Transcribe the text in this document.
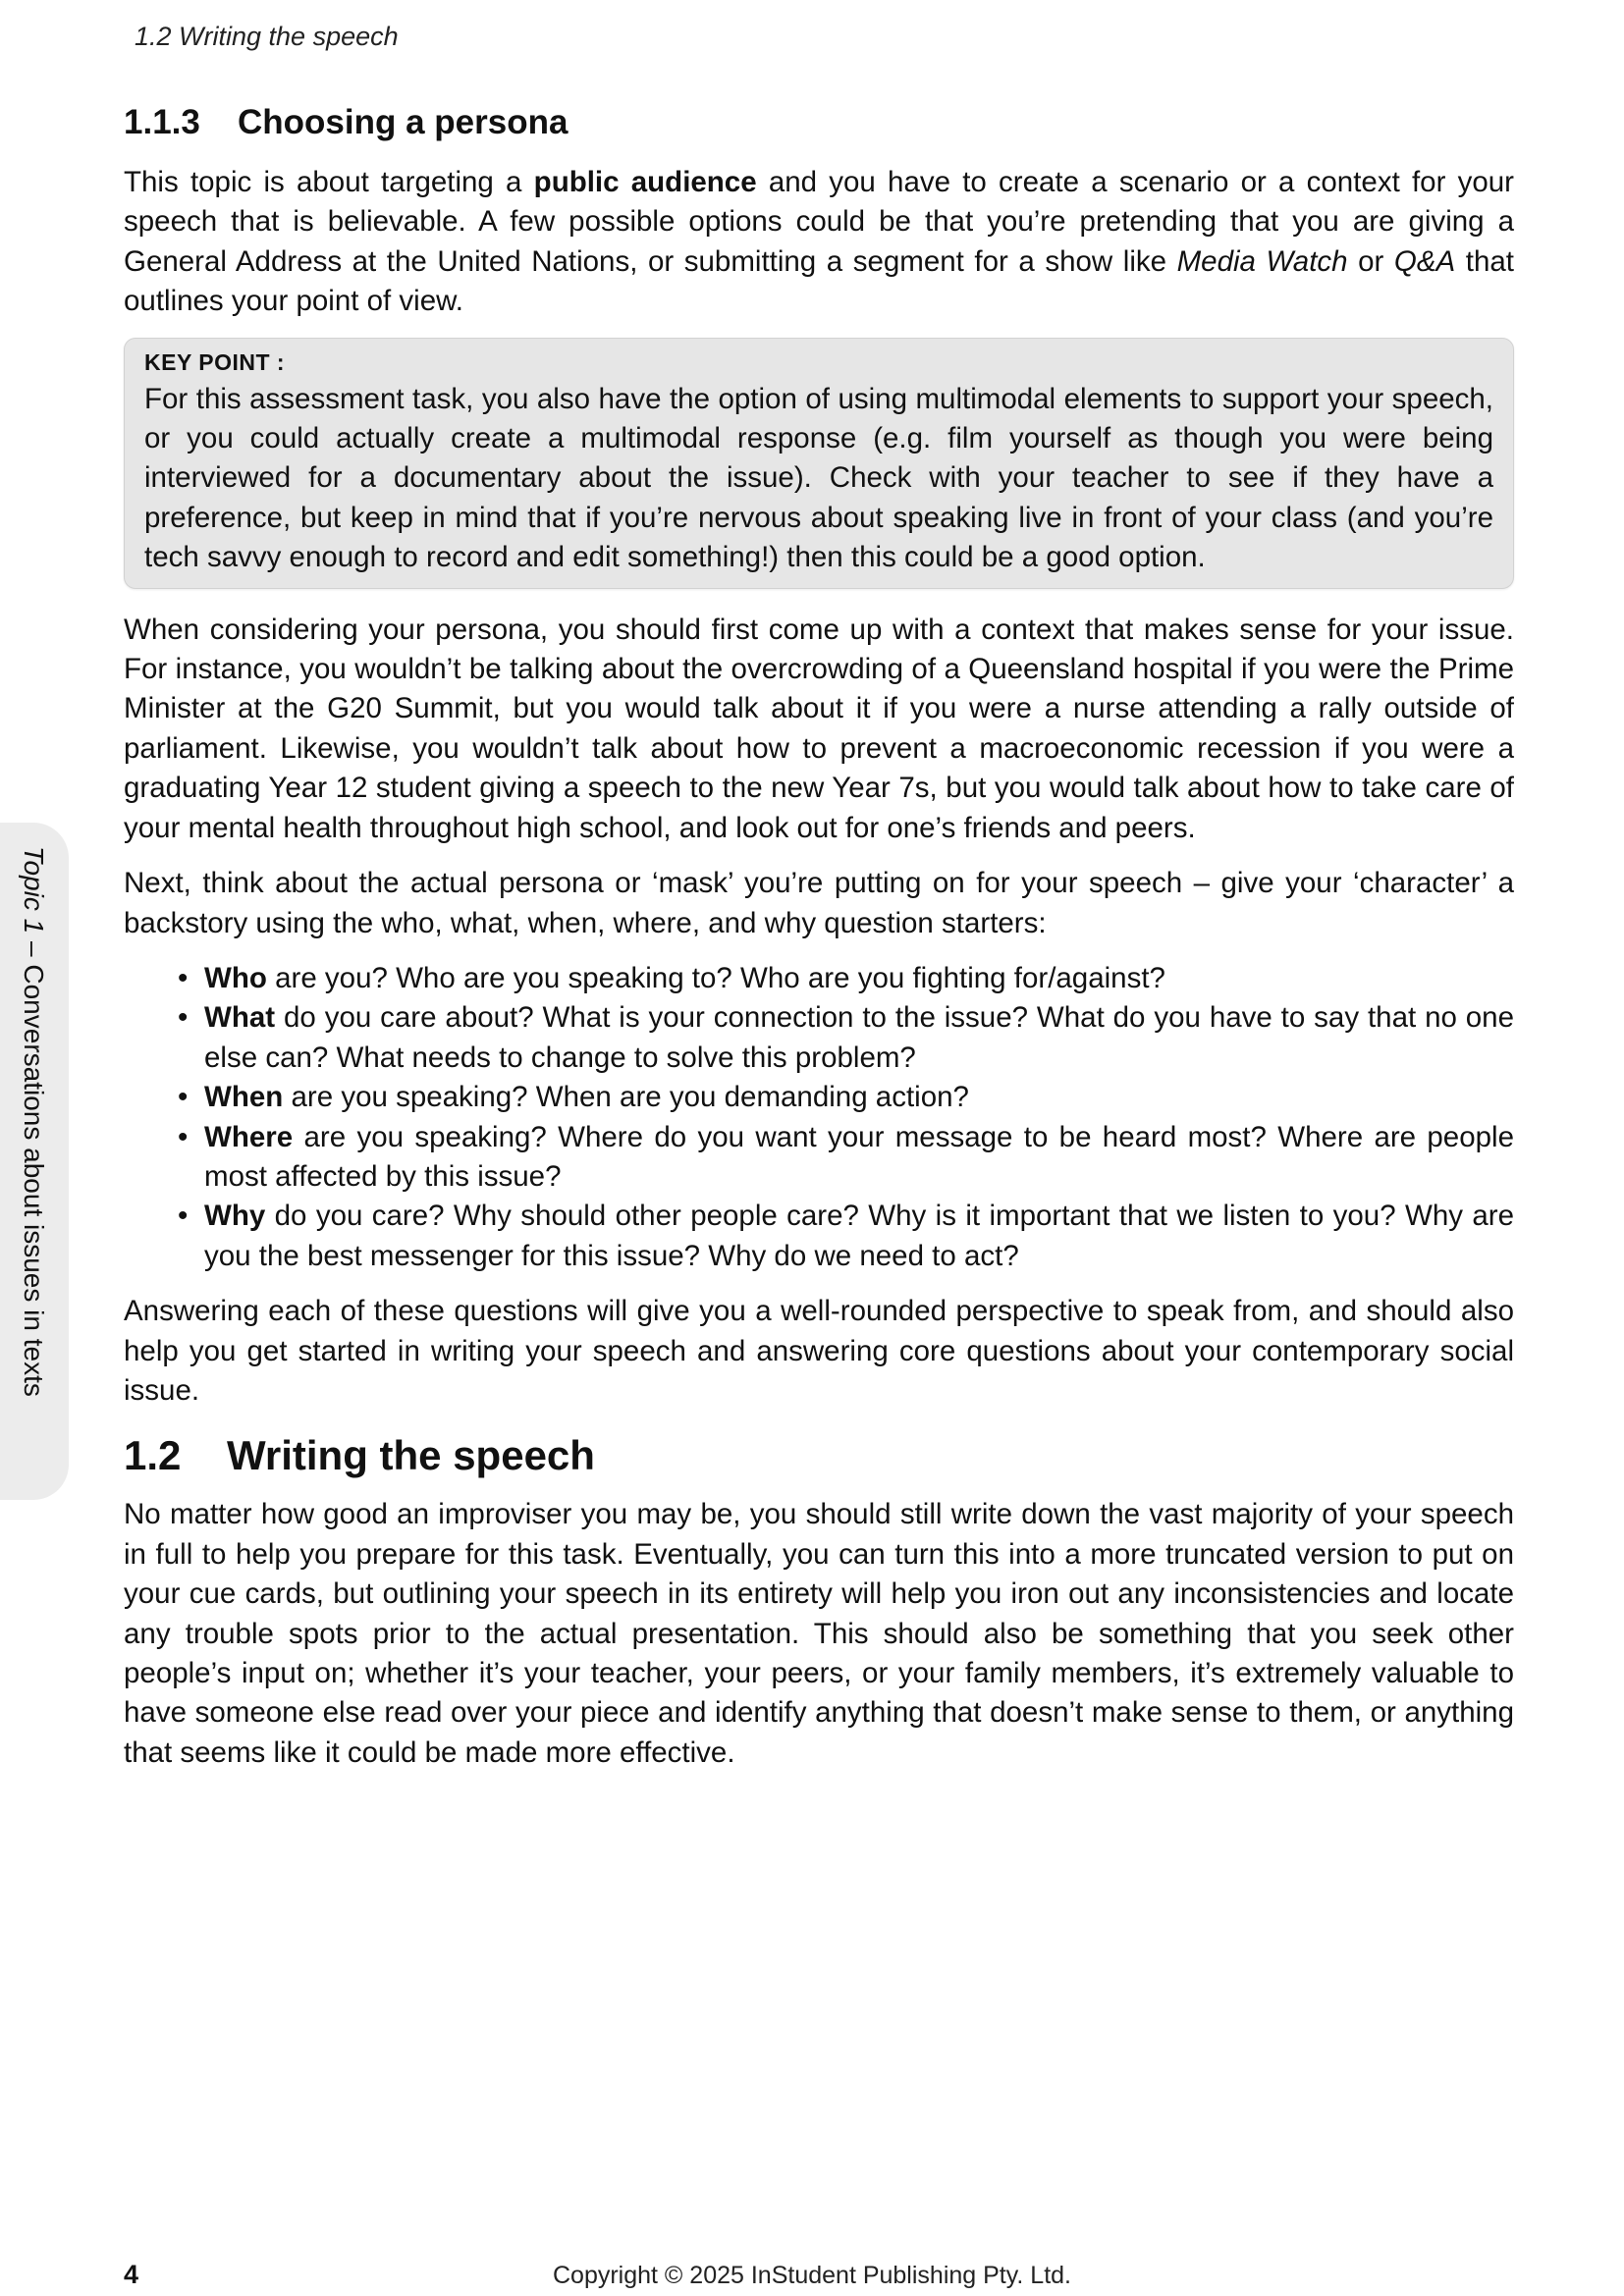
1.2 Writing the speech
Topic 1 – Conversations about issues in texts
1.1.3 Choosing a persona

This topic is about targeting a public audience and you have to create a scenario or a context for your speech that is believable. A few possible options could be that you’re pretending that you are giving a General Address at the United Nations, or submitting a segment for a show like Media Watch or Q&A that outlines your point of view.

KEY POINT :

For this assessment task, you also have the option of using multimodal elements to support your speech, or you could actually create a multimodal response (e.g. film yourself as though you were being interviewed for a documentary about the issue). Check with your teacher to see if they have a preference, but keep in mind that if you’re nervous about speaking live in front of your class (and you’re tech savvy enough to record and edit something!) then this could be a good option.

When considering your persona, you should first come up with a context that makes sense for your issue. For instance, you wouldn’t be talking about the overcrowding of a Queensland hospital if you were the Prime Minister at the G20 Summit, but you would talk about it if you were a nurse attending a rally outside of parliament. Likewise, you wouldn’t talk about how to prevent a macroeconomic recession if you were a graduating Year 12 student giving a speech to the new Year 7s, but you would talk about how to take care of your mental health throughout high school, and look out for one’s friends and peers.

Next, think about the actual persona or ‘mask’ you’re putting on for your speech – give your ‘character’ a backstory using the who, what, when, where, and why question starters:

• Who are you? Who are you speaking to? Who are you fighting for/against?
• What do you care about? What is your connection to the issue? What do you have to say that no one else can? What needs to change to solve this problem?
• When are you speaking? When are you demanding action?
• Where are you speaking? Where do you want your message to be heard most? Where are people most affected by this issue?
• Why do you care? Why should other people care? Why is it important that we listen to you? Why are you the best messenger for this issue? Why do we need to act?

Answering each of these questions will give you a well-rounded perspective to speak from, and should also help you get started in writing your speech and answering core questions about your contemporary social issue.

1.2 Writing the speech

No matter how good an improviser you may be, you should still write down the vast majority of your speech in full to help you prepare for this task. Eventually, you can turn this into a more truncated version to put on your cue cards, but outlining your speech in its entirety will help you iron out any inconsistencies and locate any trouble spots prior to the actual presentation. This should also be something that you seek other people’s input on; whether it’s your teacher, your peers, or your family members, it’s extremely valuable to have someone else read over your piece and identify anything that doesn’t make sense to them, or anything that seems like it could be made more effective.

4	Copyright © 2025 InStudent Publishing Pty. Ltd.
